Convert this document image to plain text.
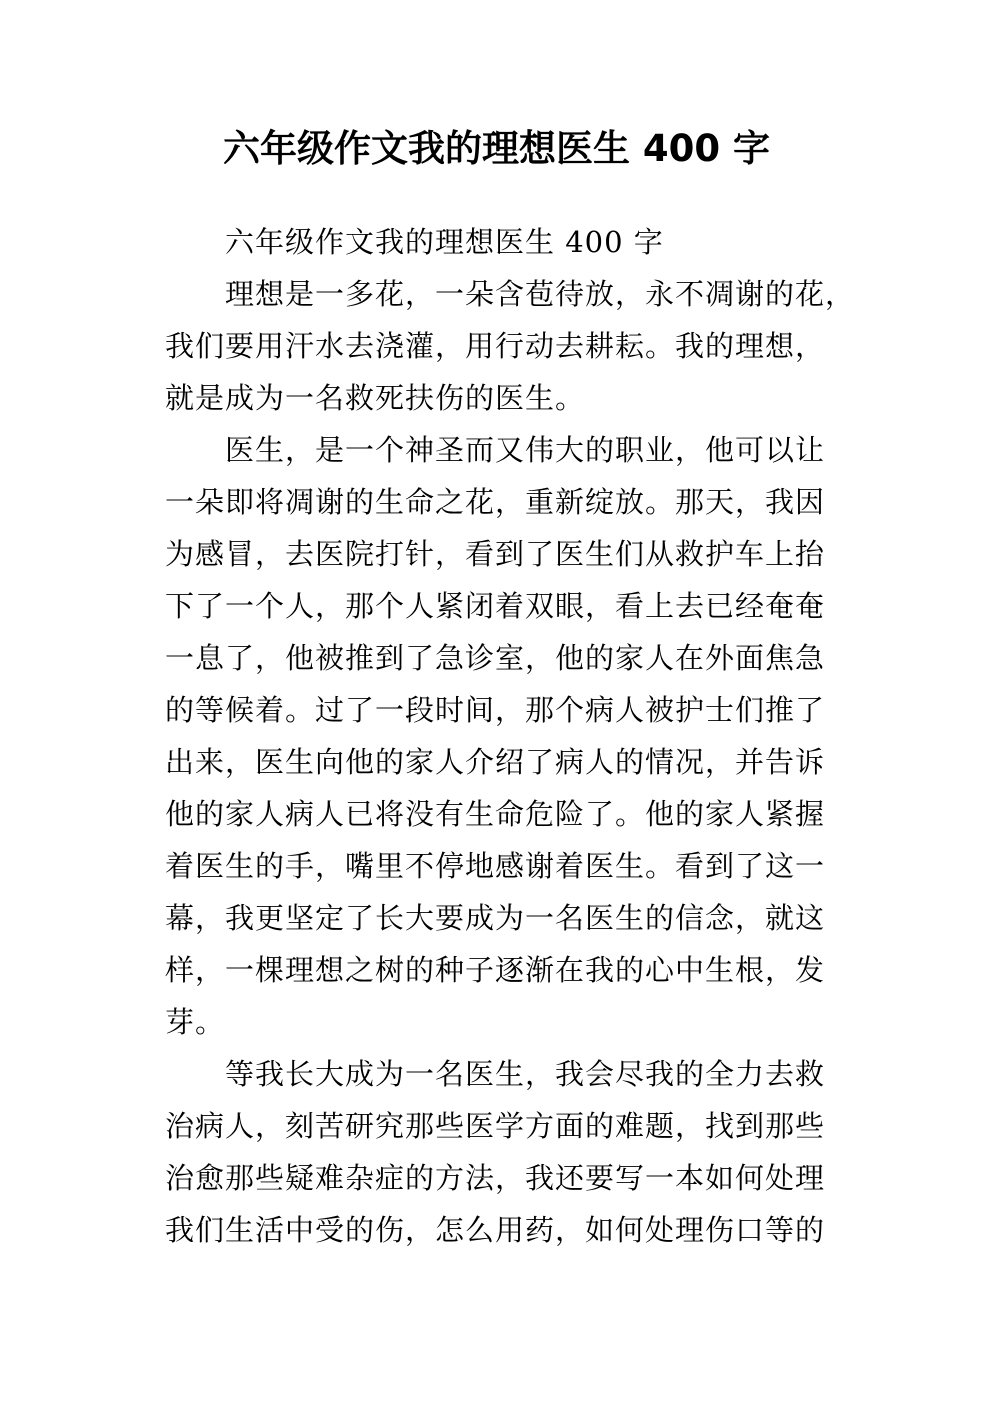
六年级作文我的理想医生 400 字
六年级作文我的理想医生 400 字
理想是一多花，一朵含苞待放，永不凋谢的花，
我们要用汗水去浇灌，用行动去耕耘。我的理想，
就是成为一名救死扶伤的医生。
医生，是一个神圣而又伟大的职业，他可以让
一朵即将凋谢的生命之花，重新绽放。那天，我因
为感冒，去医院打针，看到了医生们从救护车上抬
下了一个人，那个人紧闭着双眼，看上去已经奄奄
一息了，他被推到了急诊室，他的家人在外面焦急
的等候着。过了一段时间，那个病人被护士们推了
出来，医生向他的家人介绍了病人的情况，并告诉
他的家人病人已将没有生命危险了。他的家人紧握
着医生的手，嘴里不停地感谢着医生。看到了这一
幕，我更坚定了长大要成为一名医生的信念，就这
样，一棵理想之树的种子逐渐在我的心中生根，发
芽。
等我长大成为一名医生，我会尽我的全力去救
治病人，刻苦研究那些医学方面的难题，找到那些
治愈那些疑难杂症的方法，我还要写一本如何处理
我们生活中受的伤，怎么用药，如何处理伤口等的
